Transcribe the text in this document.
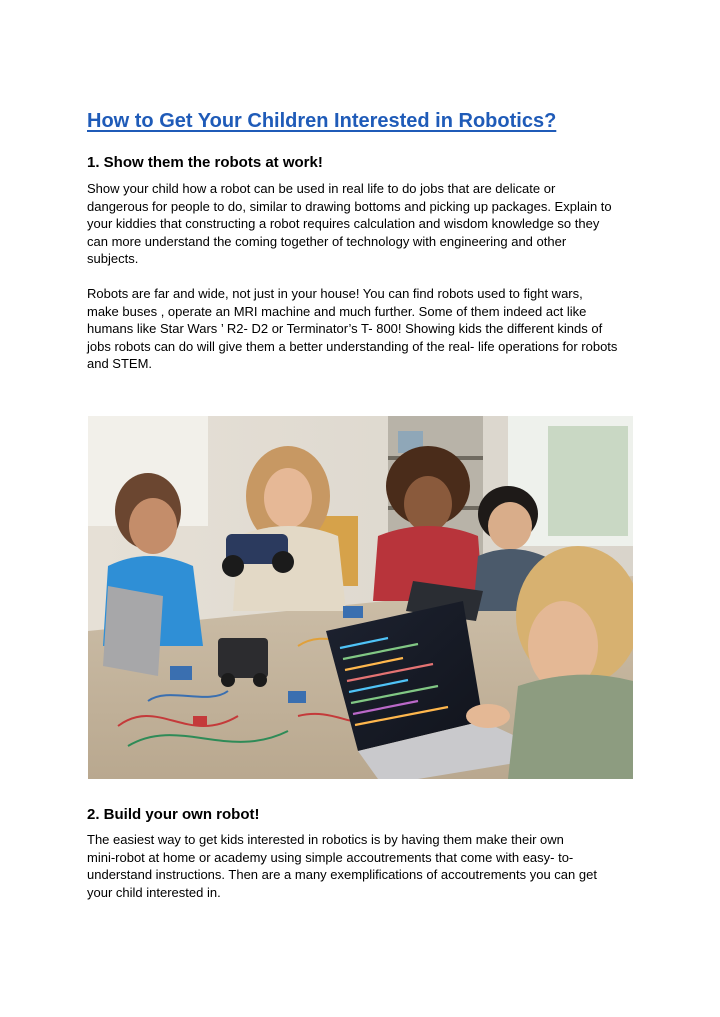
How to Get Your Children Interested in Robotics?
1. Show them the robots at work!

Show your child how a robot can be used in real life to do jobs that are delicate or
dangerous for people to do, similar to drawing bottoms and picking up packages. Explain to
your kiddies that constructing a robot requires calculation and wisdom knowledge so they
can more understand the coming together of technology with engineering and other
subjects.

Robots are far and wide, not just in your house! You can find robots used to fight wars,
make buses , operate an MRI machine and much further. Some of them indeed act like
humans like Star Wars ’ R2- D2 or Terminator’s T- 800! Showing kids the different kinds of
jobs robots can do will give them a better understanding of the real- life operations for robots
and STEM.

2. Build your own robot!

The easiest way to get kids interested in robotics is by having them make their own
mini-robot at home or academy using simple accoutrements that come with easy- to-
understand instructions. Then are a many exemplifications of accoutrements you can get
your child interested in.
